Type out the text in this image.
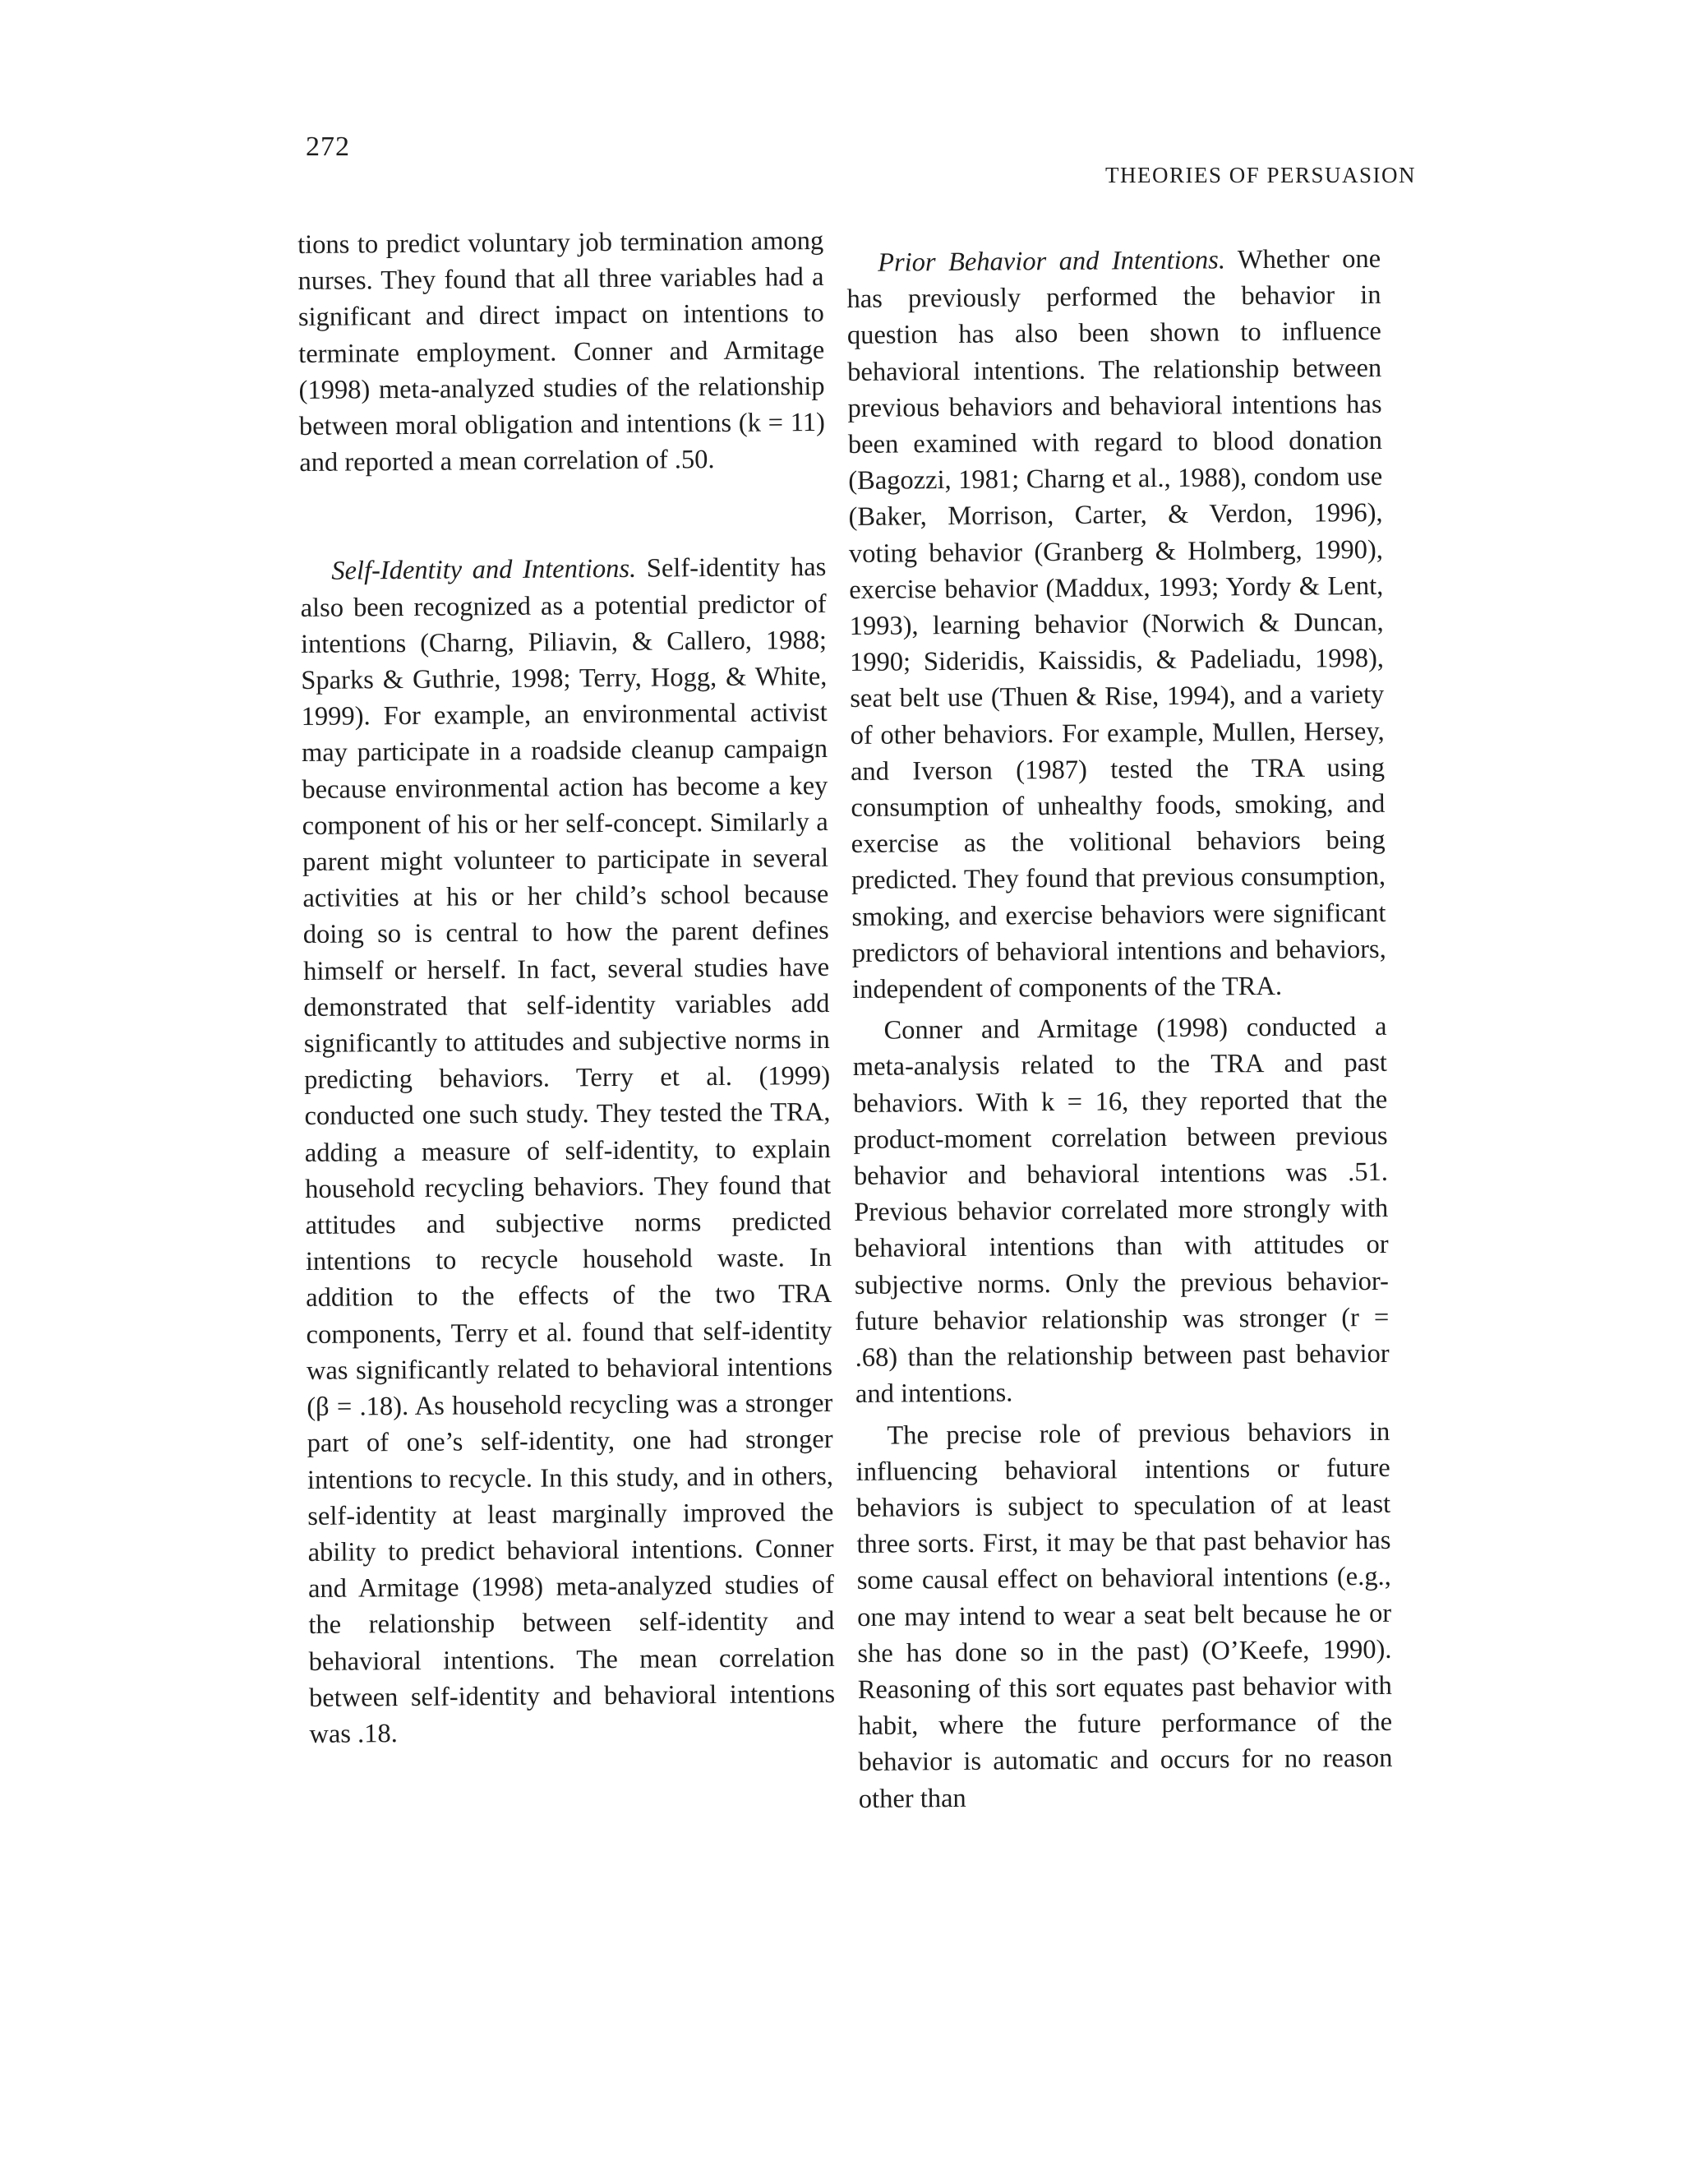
272
THEORIES OF PERSUASION

tions to predict voluntary job termination among nurses. They found that all three variables had a significant and direct impact on intentions to terminate employment. Conner and Armitage (1998) meta-analyzed studies of the relationship between moral obligation and intentions (k = 11) and reported a mean correlation of .50.

Self-Identity and Intentions. Self-identity has also been recognized as a potential predictor of intentions (Charng, Piliavin, & Callero, 1988; Sparks & Guthrie, 1998; Terry, Hogg, & White, 1999). For example, an environmental activist may participate in a roadside cleanup campaign because environmental action has become a key component of his or her self-concept. Similarly a parent might volunteer to participate in several activities at his or her child’s school because doing so is central to how the parent defines himself or herself. In fact, several studies have demonstrated that self-identity variables add significantly to attitudes and subjective norms in predicting behaviors. Terry et al. (1999) conducted one such study. They tested the TRA, adding a measure of self-identity, to explain household recycling behaviors. They found that attitudes and subjective norms predicted intentions to recycle household waste. In addition to the effects of the two TRA components, Terry et al. found that self-identity was significantly related to behavioral intentions (β = .18). As household recycling was a stronger part of one’s self-identity, one had stronger intentions to recycle. In this study, and in others, self-identity at least marginally improved the ability to predict behavioral intentions. Conner and Armitage (1998) meta-analyzed studies of the relationship between self-identity and behavioral intentions. The mean correlation between self-identity and behavioral intentions was .18.

Prior Behavior and Intentions. Whether one has previously performed the behavior in question has also been shown to influence behavioral intentions. The relationship between previous behaviors and behavioral intentions has been examined with regard to blood donation (Bagozzi, 1981; Charng et al., 1988), condom use (Baker, Morrison, Carter, & Verdon, 1996), voting behavior (Granberg & Holmberg, 1990), exercise behavior (Maddux, 1993; Yordy & Lent, 1993), learning behavior (Norwich & Duncan, 1990; Sideridis, Kaissidis, & Padeliadu, 1998), seat belt use (Thuen & Rise, 1994), and a variety of other behaviors. For example, Mullen, Hersey, and Iverson (1987) tested the TRA using consumption of unhealthy foods, smoking, and exercise as the volitional behaviors being predicted. They found that previous consumption, smoking, and exercise behaviors were significant predictors of behavioral intentions and behaviors, independent of components of the TRA.

Conner and Armitage (1998) conducted a meta-analysis related to the TRA and past behaviors. With k = 16, they reported that the product-moment correlation between previous behavior and behavioral intentions was .51. Previous behavior correlated more strongly with behavioral intentions than with attitudes or subjective norms. Only the previous behavior-future behavior relationship was stronger (r = .68) than the relationship between past behavior and intentions.

The precise role of previous behaviors in influencing behavioral intentions or future behaviors is subject to speculation of at least three sorts. First, it may be that past behavior has some causal effect on behavioral intentions (e.g., one may intend to wear a seat belt because he or she has done so in the past) (O’Keefe, 1990). Reasoning of this sort equates past behavior with habit, where the future performance of the behavior is automatic and occurs for no reason other than
